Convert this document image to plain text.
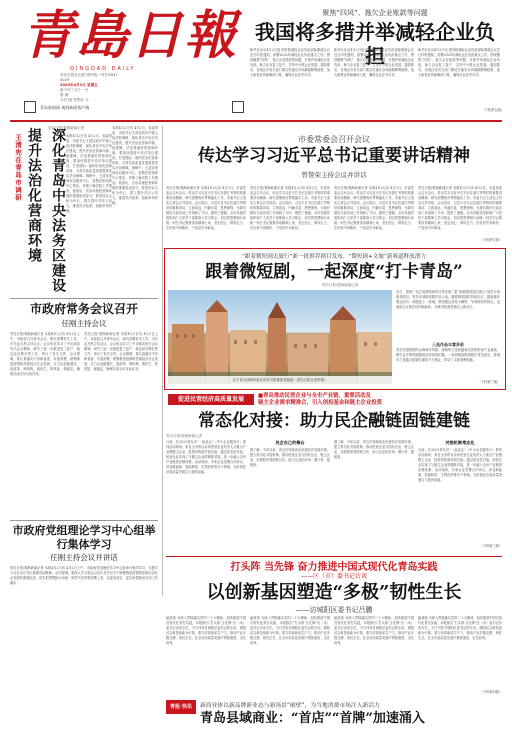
青島日報
QINGDAO DAILY
青岛日报社出版 国内统一刊号CN37-0029
2020年4月3日 星期五
庚子年三月十一日
第 期
今日 版 零售价 元
青岛新闻网 观海新闻客户端
聚焦“四风”、拖欠企业账款等问题
我国将多措并举减轻企业负担
新华社北京4月2日电 国务院减轻企业负担部际联席会议近日印发通知，部署2020年减轻企业负担重点工作，围绕聚焦“四风”、拖欠企业账款等问题，多措并举减轻企业负担，助力企业复工复产，支持中小微企业发展。通知要求，各地区各有关部门要切实落实各项减税降费政策，加大政策宣传和解读力度，确保企业应享尽享。
新华社北京4月2日电 国务院减轻企业负担部际联席会议近日印发通知，部署2020年减轻企业负担重点工作，围绕聚焦“四风”、拖欠企业账款等问题，多措并举减轻企业负担，助力企业复工复产，支持中小微企业发展。通知要求，各地区各有关部门要切实落实各项减税降费政策，加大政策宣传和解读力度，确保企业应享尽享。
新华社北京4月2日电 国务院减轻企业负担部际联席会议近日印发通知，部署2020年减轻企业负担重点工作，围绕聚焦“四风”、拖欠企业账款等问题，多措并举减轻企业负担，助力企业复工复产，支持中小微企业发展。通知要求，各地区各有关部门要切实落实各项减税降费政策，加大政策宣传和解读力度，确保企业应享尽享。
（下转第五版）
青岛日报/观海新闻记者
王清宪在青岛市调研 提升法治化营商环境 深化青岛中央法务区建设 本报4月2日讯 4月2日，省委常委、市委书记王清宪到市中级人民法院调研，深化青岛中央法务区建设，提升法治化营商环境。他强调，法治是最好的营商环境，要加快推进中央法务区建设，打造国际一流的法治化营商环境，为青岛高质量发展提供坚实法治保障。调研中，王清宪来到诉讼服务中心、智慧法院指挥中心等处，详细了解法院工作情况。他指出，法治环境是营商环境的重要组成部分，要坚持以人民为中心，着力提升司法公信力，推进司法改革，创新审判机制。
本报4月2日讯 4月2日，省委常委、市委书记王清宪到市中级人民法院调研，深化青岛中央法务区建设，提升法治化营商环境。他强调，法治是最好的营商环境，要加快推进中央法务区建设，打造国际一流的法治化营商环境，为青岛高质量发展提供坚实法治保障。调研中，王清宪来到诉讼服务中心、智慧法院指挥中心等处，详细了解法院工作情况。他指出，法治环境是营商环境的重要组成部分，要坚持以人民为中心，着力提升司法公信力，推进司法改革，创新审判机制。
市政府常务会议召开
任刚主持会议
青岛日报/观海新闻记者 本报4月2日讯 4月2日上午，市政府召开常务会议，研究部署有关工作。市长孟凡利主持会议。会议传达学习了中央和省有关会议精神，研究了进一步推进复工复产、稳定经济增长等工作，审议了有关文件。会议强调，要认真落实中央和省委、市委部署，统筹推进疫情防控和经济社会发展，全力以赴稳增长、促改革、调结构、惠民生、防风险、保稳定，确保完成全年目标任务。
青岛日报/观海新闻记者 本报4月2日讯 4月2日上午，市政府召开常务会议，研究部署有关工作。市长孟凡利主持会议。会议传达学习了中央和省有关会议精神，研究了进一步推进复工复产、稳定经济增长等工作，审议了有关文件。会议强调，要认真落实中央和省委、市委部署，统筹推进疫情防控和经济社会发展，全力以赴稳增长、促改革、调结构、惠民生、防风险、保稳定，确保完成全年目标任务。
市政府党组理论学习中心组举行集体学习
任刚主持会议并讲话
青岛日报/观海新闻记者 本报4月2日讯 4月2日上午，市政府党组理论学习中心组举行集体学习，专题学习习近平总书记重要讲话精神。会议强调，要深入学习领会习近平总书记关于统筹推进疫情防控和经济社会发展的重要论述，切实把思想和行动统一到党中央决策部署上来，以更高站位、更实举措推动各项工作落实。
市委常委会召开会议
传达学习习近平总书记重要讲话精神
曾赞荣主持会议并讲话
青岛日报/观海新闻记者 本报4月2日讯 4月2日，市委常委会召开会议，传达学习习近平总书记在浙江考察时的重要讲话精神，研究部署我市贯彻落实工作。市委书记王清宪主持会议并讲话。会议指出，习近平总书记在浙江考察时的重要讲话，立意高远、内涵丰富、思想深刻，为我们做好当前各项工作指明了方向、提供了遵循。全市各级党组织和广大党员干部要深入学习领会，切实把思想和行动统一到总书记重要讲话精神上来，坚定信心、保持定力，在危机中育新机、于变局中开新局。
青岛日报/观海新闻记者 本报4月2日讯 4月2日，市委常委会召开会议，传达学习习近平总书记在浙江考察时的重要讲话精神，研究部署我市贯彻落实工作。市委书记王清宪主持会议并讲话。会议指出，习近平总书记在浙江考察时的重要讲话，立意高远、内涵丰富、思想深刻，为我们做好当前各项工作指明了方向、提供了遵循。全市各级党组织和广大党员干部要深入学习领会，切实把思想和行动统一到总书记重要讲话精神上来，坚定信心、保持定力，在危机中育新机、于变局中开新局。
青岛日报/观海新闻记者 本报4月2日讯 4月2日，市委常委会召开会议，传达学习习近平总书记在浙江考察时的重要讲话精神，研究部署我市贯彻落实工作。市委书记王清宪主持会议并讲话。会议指出，习近平总书记在浙江考察时的重要讲话，立意高远、内涵丰富、思想深刻，为我们做好当前各项工作指明了方向、提供了遵循。全市各级党组织和广大党员干部要深入学习领会，切实把思想和行动统一到总书记重要讲话精神上来，坚定信心、保持定力，在危机中育新机、于变局中开新局。
青岛日报/观海新闻记者 本报4月2日讯 4月2日，市委常委会召开会议，传达学习习近平总书记在浙江考察时的重要讲话精神，研究部署我市贯彻落实工作。市委书记王清宪主持会议并讲话。会议指出，习近平总书记在浙江考察时的重要讲话，立意高远、内涵丰富、思想深刻，为我们做好当前各项工作指明了方向、提供了遵循。全市各级党组织和广大党员干部要深入学习领会，切实把思想和行动统一到总书记重要讲话精神上来，坚定信心、保持定力，在危机中育新机、于变局中开新局。
（下转第五版）
“跟着微短剧去旅行”新一批推荐剧目发布，“微短剧+文旅”新赛道释放潜力
跟着微短剧，一起深度“打卡青岛”
青岛日报/观海新闻记者
位于青岛西海岸新区的东方影都影视基地（青岛日报社资料图）
近日，国家广电总局网络视听司发布第二批“跟着微短剧去旅行”创作计划推荐剧目，青岛多部微短剧作品入选。随着微短剧的持续走红，越来越多观众因为一部剧爱上一座城。微短剧以其短小精悍、节奏明快的特点，迅速成为文旅宣传的新载体，为城市旅游发展注入新活力。
入选作品丰富多彩
青岛凭借独特的山海城市风貌、深厚的文化底蕴和完善的影视产业基础，吸引众多微短剧剧组前来取景拍摄。一部部精品微短剧在青岛诞生，将城市之美通过屏幕传递给千万观众，带动了文旅消费热潮。
（下转第三版）
促进民营经济高质量发展	■青岛推动民营企业与全市产业链、重要活动及
链主企业需求精准合，引入创投基金和链主企业投资
常态化对接：助力民企融链固链建链
青岛日报/观海新闻记者
日前，在2025青岛市“一起品企”（中小企业服务月）系列活动现场，来自全市的百余家民营企业负责人与重点产业链链主企业、投资机构面对面交流。通过常态化对接，民营企业实现了与链主企业的精准对接，进一步融入全市产业链供应链体系。活动现场，多家企业签署合作协议，涉及新能源、智能制造、生物医药等多个领域，为民营经济高质量发展注入强劲动能。
民企自己的舞台
据了解，今年以来，青岛市持续优化民营经济发展环境，建立常态化对接机制，推动民营企业与国有企业、链主企业、高校院所等深度合作，助力企业拓市场、增订单、强链条。
据了解，今年以来，青岛市持续优化民营经济发展环境，建立常态化对接机制，推动民营企业与国有企业、链主企业、高校院所等深度合作，助力企业拓市场、增订单、强链条。
对接机制常态化
日前，在2025青岛市“一起品企”（中小企业服务月）系列活动现场，来自全市的百余家民营企业负责人与重点产业链链主企业、投资机构面对面交流。通过常态化对接，民营企业实现了与链主企业的精准对接，进一步融入全市产业链供应链体系。活动现场，多家企业签署合作协议，涉及新能源、智能制造、生物医药等多个领域，为民营经济高质量发展注入强劲动能。
（下转第三版）
打头阵 当先锋 奋力推进中国式现代化青岛实践
——区（市）委书记访谈
以创新基因塑造“多极”韧性生长
——访城阳区委书记吕鹏
编者按 为深入贯彻落实党的二十大精神，加快推进中国式现代化青岛实践，本报推出“打头阵 当先锋”区（市）委书记访谈专栏，今日刊发对城阳区委书记的专访。城阳区以科技创新为引领，着力培育新质生产力，推动产业多极支撑、韧性生长，在全市高质量发展中勇挑重担、走在前列。
编者按 为深入贯彻落实党的二十大精神，加快推进中国式现代化青岛实践，本报推出“打头阵 当先锋”区（市）委书记访谈专栏，今日刊发对城阳区委书记的专访。城阳区以科技创新为引领，着力培育新质生产力，推动产业多极支撑、韧性生长，在全市高质量发展中勇挑重担、走在前列。
编者按 为深入贯彻落实党的二十大精神，加快推进中国式现代化青岛实践，本报推出“打头阵 当先锋”区（市）委书记访谈专栏，今日刊发对城阳区委书记的专访。城阳区以科技创新为引领，着力培育新质生产力，推动产业多极支撑、韧性生长，在全市高质量发展中勇挑重担、走在前列。
编者按 为深入贯彻落实党的二十大精神，加快推进中国式现代化青岛实践，本报推出“打头阵 当先锋”区（市）委书记访谈专栏，今日刊发对城阳区委书记的专访。城阳区以科技创新为引领，着力培育新质生产力，推动产业多极支撑、韧性生长，在全市高质量发展中勇挑重担、走在前列。
（下转第四版）
青报·快讯	新商业体以新品牌新业态与新场景“破壁”，为当地消费市场注入新活力
青岛县域商业：“首店”“首牌”加速涌入
